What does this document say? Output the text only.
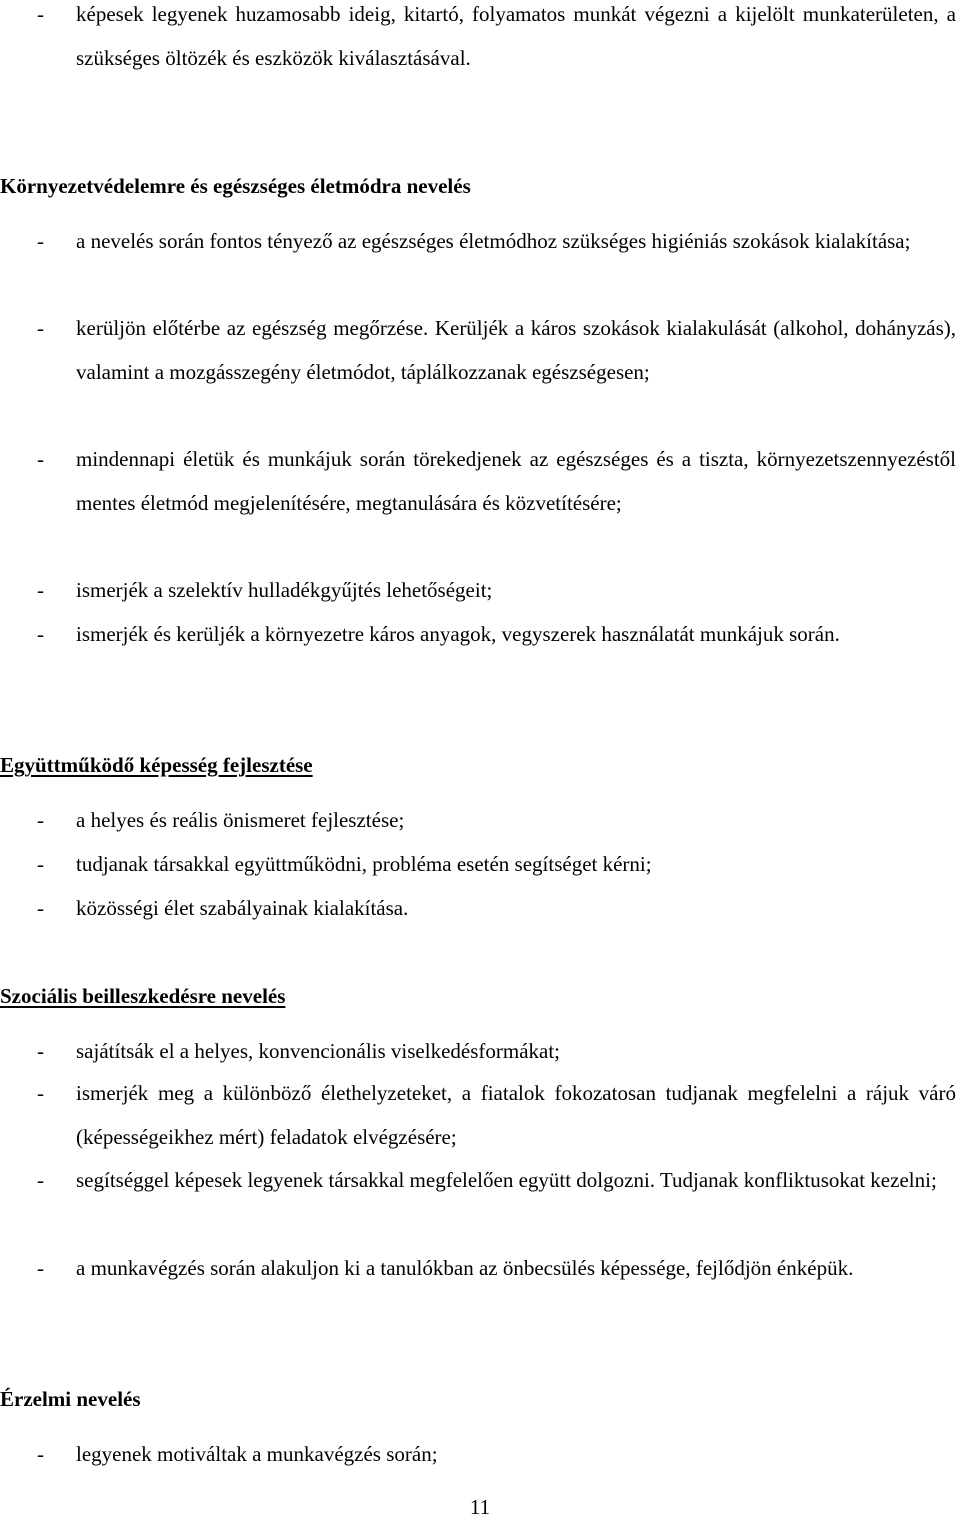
- képesek legyenek huzamosabb ideig, kitartó, folyamatos munkát végezni a kijelölt munkaterületen, a szükséges öltözék és eszközök kiválasztásával.
Környezetvédelemre és egészséges életmódra nevelés
- a nevelés során fontos tényező az egészséges életmódhoz szükséges higiéniás szokások kialakítása;
- kerüljön előtérbe az egészség megőrzése. Kerüljék a káros szokások kialakulását (alkohol, dohányzás), valamint a mozgásszegény életmódot, táplálkozzanak egészségesen;
- mindennapi életük és munkájuk során törekedjenek az egészséges és a tiszta, környezetszennyezéstől mentes életmód megjelenítésére, megtanulására és közvetítésére;
- ismerjék a szelektív hulladékgyűjtés lehetőségeit;
- ismerjék és kerüljék a környezetre káros anyagok, vegyszerek használatát munkájuk során.
Együttműködő képesség fejlesztése
- a helyes és reális önismeret fejlesztése;
- tudjanak társakkal együttműködni, probléma esetén segítséget kérni;
- közösségi élet szabályainak kialakítása.
Szociális beilleszkedésre nevelés
- sajátítsák el a helyes, konvencionális viselkedésformákat;
- ismerjék meg a különböző élethelyzeteket, a fiatalok fokozatosan tudjanak megfelelni a rájuk váró (képességeikhez mért) feladatok elvégzésére;
- segítséggel képesek legyenek társakkal megfelelően együtt dolgozni. Tudjanak konfliktusokat kezelni;
- a munkavégzés során alakuljon ki a tanulókban az önbecsülés képessége, fejlődjön énképük.
Érzelmi nevelés
- legyenek motiváltak a munkavégzés során;
11
